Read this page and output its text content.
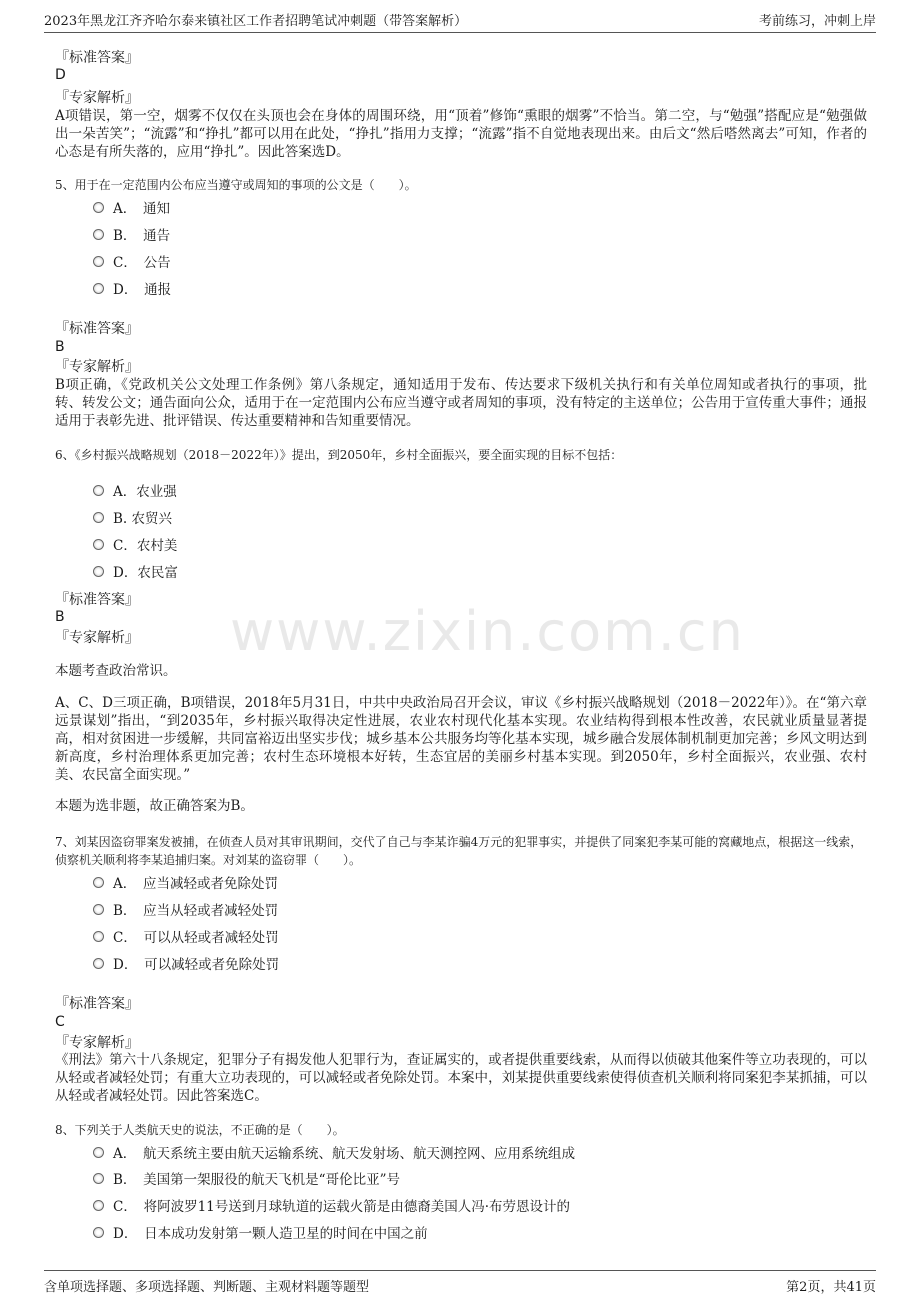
2023年黑龙江齐齐哈尔泰来镇社区工作者招聘笔试冲刺题（带答案解析）	考前练习，冲刺上岸
www.zixin.com.cn
『标准答案』
D
『专家解析』
A项错误，第一空，烟雾不仅仅在头顶也会在身体的周围环绕，用“顶着”修饰“熏眼的烟雾”不恰当。第二空，与“勉强”搭配应是“勉强做出一朵苦笑”；“流露”和“挣扎”都可以用在此处，“挣扎”指用力支撑；“流露”指不自觉地表现出来。由后文“然后嗒然离去”可知，作者的心态是有所失落的，应用“挣扎”。因此答案选D。
5、用于在一定范围内公布应当遵守或周知的事项的公文是（　　）。
A．　通知
B．　通告
C．　公告
D．　通报
『标准答案』
B
『专家解析』
B项正确，《党政机关公文处理工作条例》第八条规定，通知适用于发布、传达要求下级机关执行和有关单位周知或者执行的事项，批转、转发公文；通告面向公众，适用于在一定范围内公布应当遵守或者周知的事项，没有特定的主送单位；公告用于宣传重大事件；通报适用于表彰先进、批评错误、传达重要精神和告知重要情况。
6、《乡村振兴战略规划（2018－2022年）》提出，到2050年，乡村全面振兴，要全面实现的目标不包括：
A．农业强
B. 农贸兴
C．农村美
D．农民富
『标准答案』
B
『专家解析』
本题考查政治常识。
A、C、D三项正确，B项错误，2018年5月31日，中共中央政治局召开会议，审议《乡村振兴战略规划（2018－2022年）》。在“第六章 远景谋划”指出，“到2035年，乡村振兴取得决定性进展，农业农村现代化基本实现。农业结构得到根本性改善，农民就业质量显著提高，相对贫困进一步缓解，共同富裕迈出坚实步伐；城乡基本公共服务均等化基本实现，城乡融合发展体制机制更加完善；乡风文明达到新高度，乡村治理体系更加完善；农村生态环境根本好转，生态宜居的美丽乡村基本实现。到2050年，乡村全面振兴，农业强、农村美、农民富全面实现。”
本题为选非题，故正确答案为B。
7、刘某因盗窃罪案发被捕，在侦查人员对其审讯期间，交代了自己与李某诈骗4万元的犯罪事实，并提供了同案犯李某可能的窝藏地点，根据这一线索，侦察机关顺利将李某追捕归案。对刘某的盗窃罪（　　）。
A．　应当减轻或者免除处罚
B．　应当从轻或者减轻处罚
C．　可以从轻或者减轻处罚
D．　可以减轻或者免除处罚
『标准答案』
C
『专家解析』
《刑法》第六十八条规定，犯罪分子有揭发他人犯罪行为，查证属实的，或者提供重要线索，从而得以侦破其他案件等立功表现的，可以从轻或者减轻处罚；有重大立功表现的，可以减轻或者免除处罚。本案中，刘某提供重要线索使得侦查机关顺利将同案犯李某抓捕，可以从轻或者减轻处罚。因此答案选C。
8、下列关于人类航天史的说法，不正确的是（　　）。
A．　航天系统主要由航天运输系统、航天发射场、航天测控网、应用系统组成
B．　美国第一架服役的航天飞机是“哥伦比亚”号
C．　将阿波罗11号送到月球轨道的运载火箭是由德裔美国人冯·布劳恩设计的
D．　日本成功发射第一颗人造卫星的时间在中国之前
含单项选择题、多项选择题、判断题、主观材料题等题型	第2页，共41页
